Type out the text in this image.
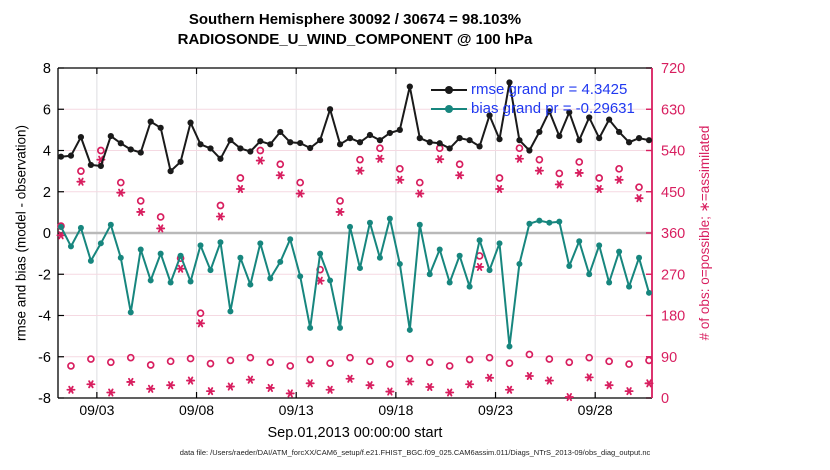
Southern Hemisphere 30092 / 30674 = 98.103%
RADIOSONDE_U_WIND_COMPONENT @ 100 hPa
09/03	09/08	09/13	09/18	09/23	09/28
8
6
4
2
0
-2
-4
-6
-8
720
630
540
450
360
270
180
90
0
rmse and bias (model - observation)	# of obs: o=possible; ∗=assimilated
Sep.01,2013 00:00:00 start
data file: /Users/raeder/DAI/ATM_forcXX/CAM6_setup/f.e21.FHIST_BGC.f09_025.CAM6assim.011/Diags_NTrS_2013-09/obs_diag_output.nc
rmse grand pr = 4.3425
bias grand pr = -0.29631
